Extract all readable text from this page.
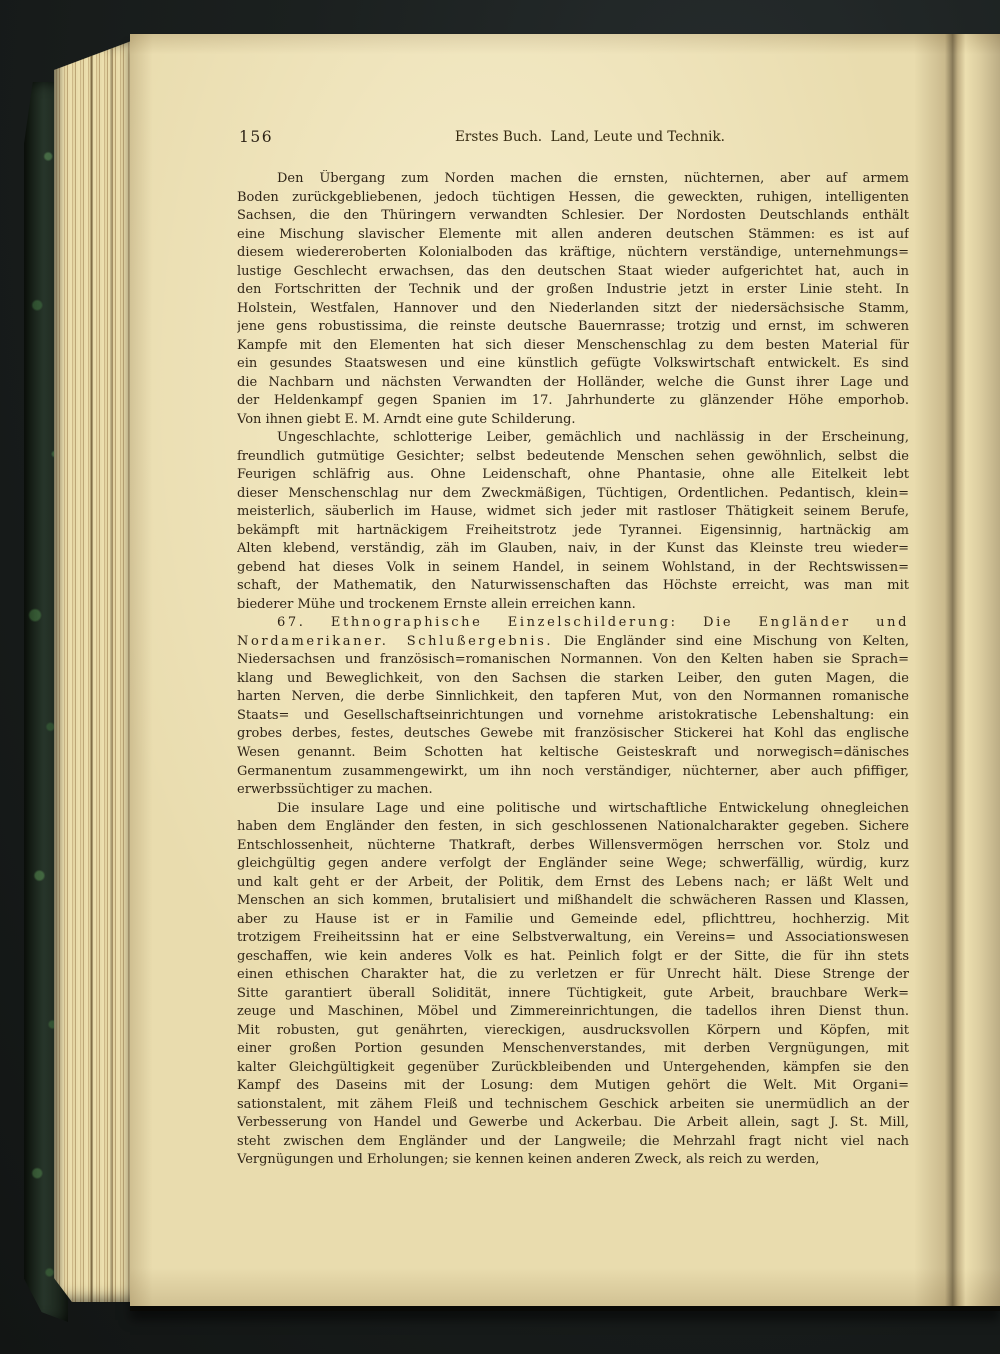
156	Erstes Buch.  Land, Leute und Technik.
Den Übergang zum Norden machen die ernsten, nüchternen, aber auf armem
Boden zurückgebliebenen, jedoch tüchtigen Hessen, die geweckten, ruhigen, intelligenten
Sachsen, die den Thüringern verwandten Schlesier. Der Nordosten Deutschlands enthält
eine Mischung slavischer Elemente mit allen anderen deutschen Stämmen: es ist auf
diesem wiedereroberten Kolonialboden das kräftige, nüchtern verständige, unternehmungs=
lustige Geschlecht erwachsen, das den deutschen Staat wieder aufgerichtet hat, auch in
den Fortschritten der Technik und der großen Industrie jetzt in erster Linie steht. In
Holstein, Westfalen, Hannover und den Niederlanden sitzt der niedersächsische Stamm,
jene gens robustissima, die reinste deutsche Bauernrasse; trotzig und ernst, im schweren
Kampfe mit den Elementen hat sich dieser Menschenschlag zu dem besten Material für
ein gesundes Staatswesen und eine künstlich gefügte Volkswirtschaft entwickelt. Es sind
die Nachbarn und nächsten Verwandten der Holländer, welche die Gunst ihrer Lage und
der Heldenkampf gegen Spanien im 17. Jahrhunderte zu glänzender Höhe emporhob.
Von ihnen giebt E. M. Arndt eine gute Schilderung.
Ungeschlachte, schlotterige Leiber, gemächlich und nachlässig in der Erscheinung,
freundlich gutmütige Gesichter; selbst bedeutende Menschen sehen gewöhnlich, selbst die
Feurigen schläfrig aus. Ohne Leidenschaft, ohne Phantasie, ohne alle Eitelkeit lebt
dieser Menschenschlag nur dem Zweckmäßigen, Tüchtigen, Ordentlichen. Pedantisch, klein=
meisterlich, säuberlich im Hause, widmet sich jeder mit rastloser Thätigkeit seinem Berufe,
bekämpft mit hartnäckigem Freiheitstrotz jede Tyrannei. Eigensinnig, hartnäckig am
Alten klebend, verständig, zäh im Glauben, naiv, in der Kunst das Kleinste treu wieder=
gebend hat dieses Volk in seinem Handel, in seinem Wohlstand, in der Rechtswissen=
schaft, der Mathematik, den Naturwissenschaften das Höchste erreicht, was man mit
biederer Mühe und trockenem Ernste allein erreichen kann.
67. Ethnographische Einzelschilderung: Die Engländer und
Nordamerikaner. Schlußergebnis. Die Engländer sind eine Mischung von Kelten,
Niedersachsen und französisch=romanischen Normannen. Von den Kelten haben sie Sprach=
klang und Beweglichkeit, von den Sachsen die starken Leiber, den guten Magen, die
harten Nerven, die derbe Sinnlichkeit, den tapferen Mut, von den Normannen romanische
Staats= und Gesellschaftseinrichtungen und vornehme aristokratische Lebenshaltung: ein
grobes derbes, festes, deutsches Gewebe mit französischer Stickerei hat Kohl das englische
Wesen genannt. Beim Schotten hat keltische Geisteskraft und norwegisch=dänisches
Germanentum zusammengewirkt, um ihn noch verständiger, nüchterner, aber auch pfiffiger,
erwerbssüchtiger zu machen.
Die insulare Lage und eine politische und wirtschaftliche Entwickelung ohnegleichen
haben dem Engländer den festen, in sich geschlossenen Nationalcharakter gegeben. Sichere
Entschlossenheit, nüchterne Thatkraft, derbes Willensvermögen herrschen vor. Stolz und
gleichgültig gegen andere verfolgt der Engländer seine Wege; schwerfällig, würdig, kurz
und kalt geht er der Arbeit, der Politik, dem Ernst des Lebens nach; er läßt Welt und
Menschen an sich kommen, brutalisiert und mißhandelt die schwächeren Rassen und Klassen,
aber zu Hause ist er in Familie und Gemeinde edel, pflichttreu, hochherzig. Mit
trotzigem Freiheitssinn hat er eine Selbstverwaltung, ein Vereins= und Associationswesen
geschaffen, wie kein anderes Volk es hat. Peinlich folgt er der Sitte, die für ihn stets
einen ethischen Charakter hat, die zu verletzen er für Unrecht hält. Diese Strenge der
Sitte garantiert überall Solidität, innere Tüchtigkeit, gute Arbeit, brauchbare Werk=
zeuge und Maschinen, Möbel und Zimmereinrichtungen, die tadellos ihren Dienst thun.
Mit robusten, gut genährten, viereckigen, ausdrucksvollen Körpern und Köpfen, mit
einer großen Portion gesunden Menschenverstandes, mit derben Vergnügungen, mit
kalter Gleichgültigkeit gegenüber Zurückbleibenden und Untergehenden, kämpfen sie den
Kampf des Daseins mit der Losung: dem Mutigen gehört die Welt. Mit Organi=
sationstalent, mit zähem Fleiß und technischem Geschick arbeiten sie unermüdlich an der
Verbesserung von Handel und Gewerbe und Ackerbau. Die Arbeit allein, sagt J. St. Mill,
steht zwischen dem Engländer und der Langweile; die Mehrzahl fragt nicht viel nach
Vergnügungen und Erholungen; sie kennen keinen anderen Zweck, als reich zu werden,
